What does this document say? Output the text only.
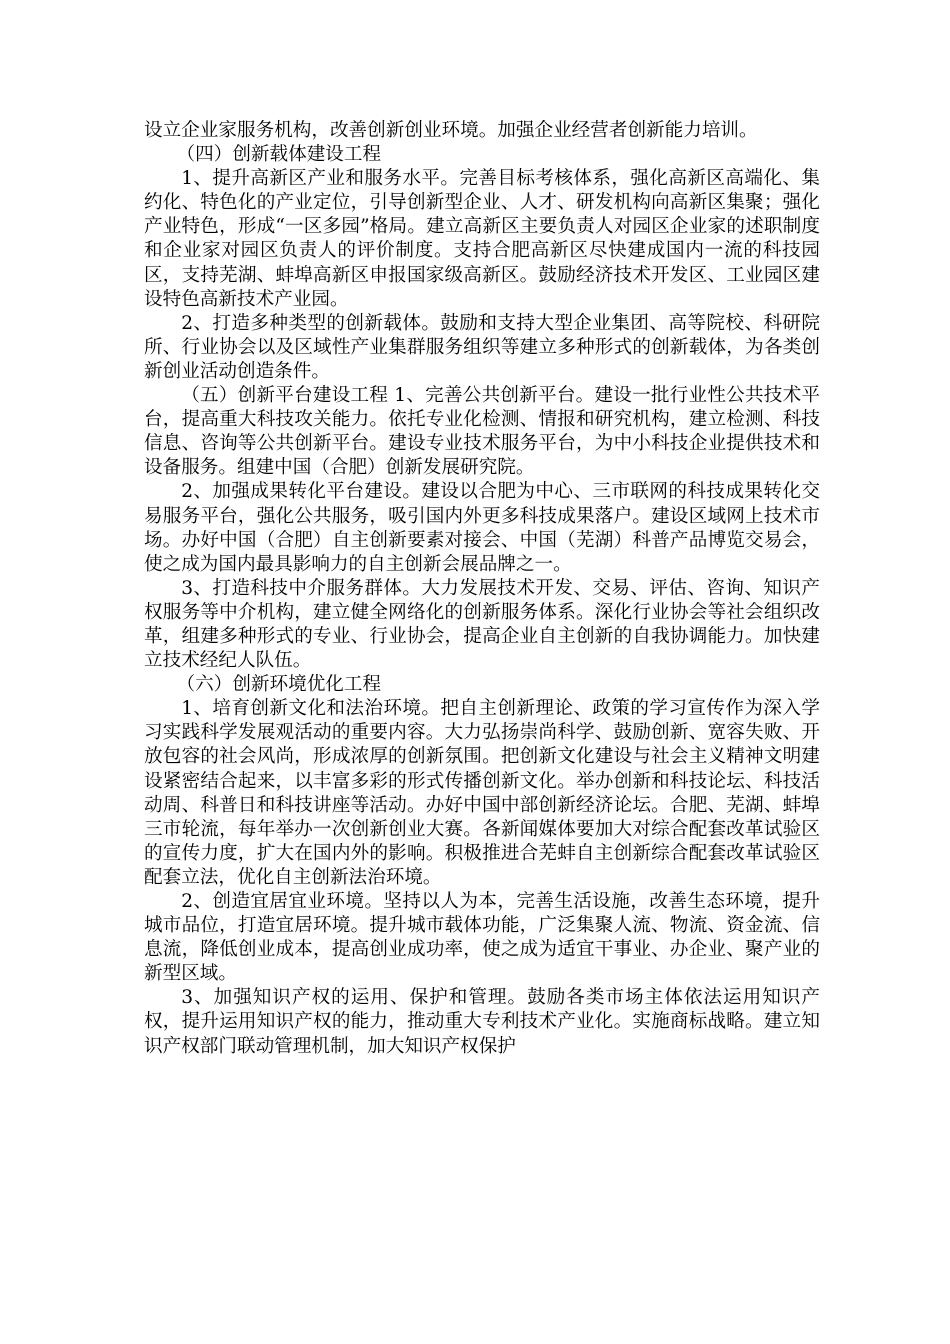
设立企业家服务机构，改善创新创业环境。加强企业经营者创新能力培训。

（四）创新载体建设工程

1、提升高新区产业和服务水平。完善目标考核体系，强化高新区高端化、集约化、特色化的产业定位，引导创新型企业、人才、研发机构向高新区集聚；强化产业特色，形成“一区多园”格局。建立高新区主要负责人对园区企业家的述职制度和企业家对园区负责人的评价制度。支持合肥高新区尽快建成国内一流的科技园区，支持芜湖、蚌埠高新区申报国家级高新区。鼓励经济技术开发区、工业园区建设特色高新技术产业园。

2、打造多种类型的创新载体。鼓励和支持大型企业集团、高等院校、科研院所、行业协会以及区域性产业集群服务组织等建立多种形式的创新载体，为各类创新创业活动创造条件。

（五）创新平台建设工程 1、完善公共创新平台。建设一批行业性公共技术平台，提高重大科技攻关能力。依托专业化检测、情报和研究机构，建立检测、科技信息、咨询等公共创新平台。建设专业技术服务平台，为中小科技企业提供技术和设备服务。组建中国（合肥）创新发展研究院。

2、加强成果转化平台建设。建设以合肥为中心、三市联网的科技成果转化交易服务平台，强化公共服务，吸引国内外更多科技成果落户。建设区域网上技术市场。办好中国（合肥）自主创新要素对接会、中国（芜湖）科普产品博览交易会，使之成为国内最具影响力的自主创新会展品牌之一。

3、打造科技中介服务群体。大力发展技术开发、交易、评估、咨询、知识产权服务等中介机构，建立健全网络化的创新服务体系。深化行业协会等社会组织改革，组建多种形式的专业、行业协会，提高企业自主创新的自我协调能力。加快建立技术经纪人队伍。

（六）创新环境优化工程

1、培育创新文化和法治环境。把自主创新理论、政策的学习宣传作为深入学习实践科学发展观活动的重要内容。大力弘扬崇尚科学、鼓励创新、宽容失败、开放包容的社会风尚，形成浓厚的创新氛围。把创新文化建设与社会主义精神文明建设紧密结合起来，以丰富多彩的形式传播创新文化。举办创新和科技论坛、科技活动周、科普日和科技讲座等活动。办好中国中部创新经济论坛。合肥、芜湖、蚌埠三市轮流，每年举办一次创新创业大赛。各新闻媒体要加大对综合配套改革试验区的宣传力度，扩大在国内外的影响。积极推进合芜蚌自主创新综合配套改革试验区配套立法，优化自主创新法治环境。

2、创造宜居宜业环境。坚持以人为本，完善生活设施，改善生态环境，提升城市品位，打造宜居环境。提升城市载体功能，广泛集聚人流、物流、资金流、信息流，降低创业成本，提高创业成功率，使之成为适宜干事业、办企业、聚产业的新型区域。

3、加强知识产权的运用、保护和管理。鼓励各类市场主体依法运用知识产权，提升运用知识产权的能力，推动重大专利技术产业化。实施商标战略。建立知识产权部门联动管理机制，加大知识产权保护
